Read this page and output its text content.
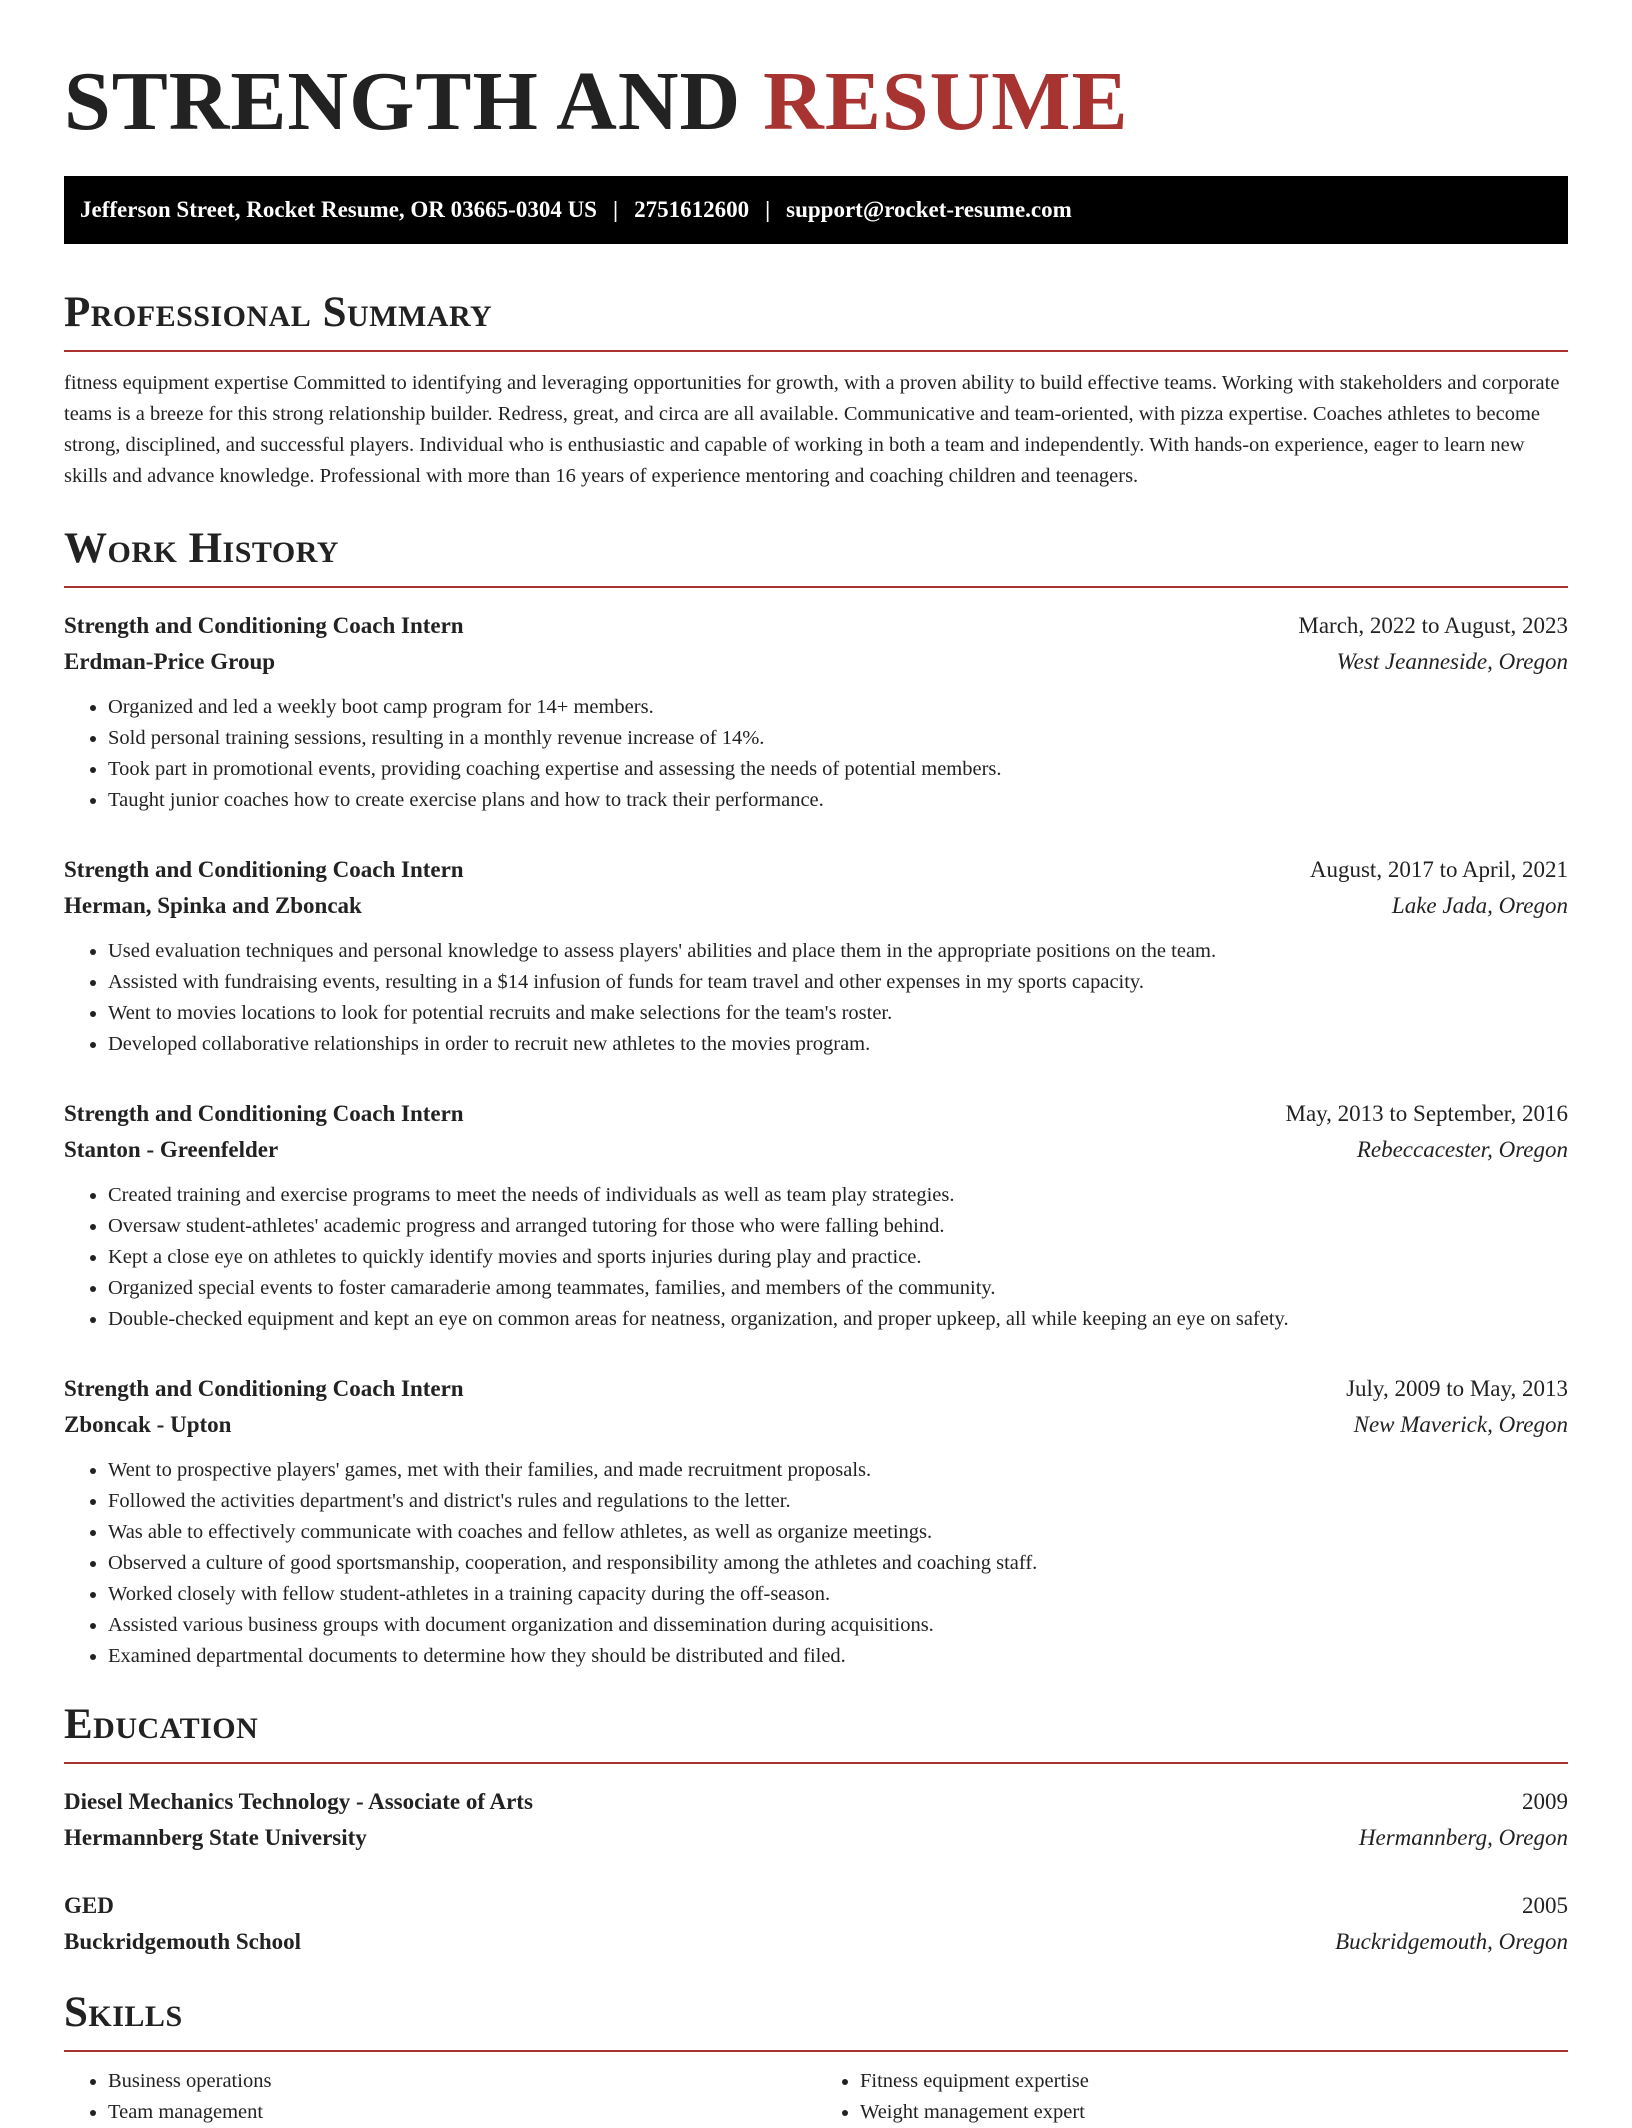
STRENGTH AND RESUME
Jefferson Street, Rocket Resume, OR 03665-0304 US | 2751612600 | support@rocket-resume.com
Professional Summary

fitness equipment expertise Committed to identifying and leveraging opportunities for growth, with a proven ability to build effective teams. Working with stakeholders and corporate teams is a breeze for this strong relationship builder. Redress, great, and circa are all available. Communicative and team-oriented, with pizza expertise. Coaches athletes to become strong, disciplined, and successful players. Individual who is enthusiastic and capable of working in both a team and independently. With hands-on experience, eager to learn new skills and advance knowledge. Professional with more than 16 years of experience mentoring and coaching children and teenagers.

Work History
Strength and Conditioning Coach Intern	March, 2022 to August, 2023
Erdman-Price Group	West Jeanneside, Oregon
• Organized and led a weekly boot camp program for 14+ members.
• Sold personal training sessions, resulting in a monthly revenue increase of 14%.
• Took part in promotional events, providing coaching expertise and assessing the needs of potential members.
• Taught junior coaches how to create exercise plans and how to track their performance.
Strength and Conditioning Coach Intern	August, 2017 to April, 2021
Herman, Spinka and Zboncak	Lake Jada, Oregon
• Used evaluation techniques and personal knowledge to assess players' abilities and place them in the appropriate positions on the team.
• Assisted with fundraising events, resulting in a $14 infusion of funds for team travel and other expenses in my sports capacity.
• Went to movies locations to look for potential recruits and make selections for the team's roster.
• Developed collaborative relationships in order to recruit new athletes to the movies program.
Strength and Conditioning Coach Intern	May, 2013 to September, 2016
Stanton - Greenfelder	Rebeccacester, Oregon
• Created training and exercise programs to meet the needs of individuals as well as team play strategies.
• Oversaw student-athletes' academic progress and arranged tutoring for those who were falling behind.
• Kept a close eye on athletes to quickly identify movies and sports injuries during play and practice.
• Organized special events to foster camaraderie among teammates, families, and members of the community.
• Double-checked equipment and kept an eye on common areas for neatness, organization, and proper upkeep, all while keeping an eye on safety.
Strength and Conditioning Coach Intern	July, 2009 to May, 2013
Zboncak - Upton	New Maverick, Oregon
• Went to prospective players' games, met with their families, and made recruitment proposals.
• Followed the activities department's and district's rules and regulations to the letter.
• Was able to effectively communicate with coaches and fellow athletes, as well as organize meetings.
• Observed a culture of good sportsmanship, cooperation, and responsibility among the athletes and coaching staff.
• Worked closely with fellow student-athletes in a training capacity during the off-season.
• Assisted various business groups with document organization and dissemination during acquisitions.
• Examined departmental documents to determine how they should be distributed and filed.
Education
Diesel Mechanics Technology - Associate of Arts	2009
Hermannberg State University	Hermannberg, Oregon
GED	2005
Buckridgemouth School	Buckridgemouth, Oregon
Skills
• Business operations
• Team management
• Fitness equipment expertise
• Weight management expert
